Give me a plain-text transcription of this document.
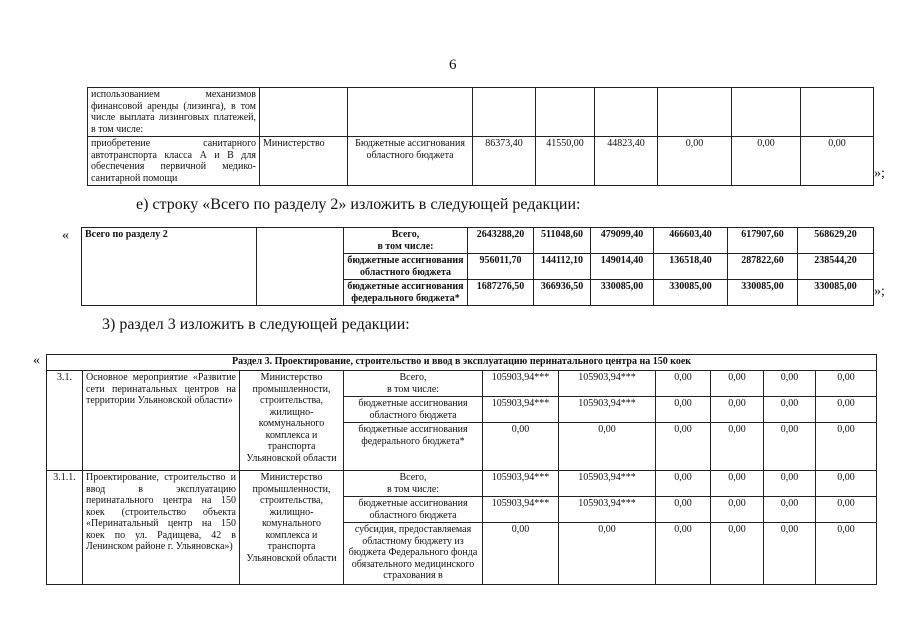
6
использованием механизмов финансовой аренды (лизинга), в том числе выплата лизинговых платежей, в том числе:								
приобретение санитарного автотранспорта класса А и В для обеспечения первичной медико-санитарной помощи	Министерство	Бюджетные ассигнования областного бюджета	86373,40	41550,00	44823,40	0,00	0,00	0,00
»;
е) строку «Всего по разделу 2» изложить в следующей редакции:
« Всего по разделу 2		Всего,
в том числе:	2643288,20	511048,60	479099,40	466603,40	617907,60	568629,20
		бюджетные ассигнования областного бюджета	956011,70	144112,10	149014,40	136518,40	287822,60	238544,20
		бюджетные ассигнования федерального бюджета*	1687276,50	366936,50	330085,00	330085,00	330085,00	330085,00 »;
3) раздел 3 изложить в следующей редакции:
«	Раздел 3. Проектирование, строительство и ввод в эксплуатацию перинатального центра на 150 коек									
3.1.	Основное мероприятие «Развитие сети перинатальных центров на территории Ульяновской области»	Министерство промышленности, строительства, жилищно-коммунального комплекса и транспорта Ульяновской области	Всего,
в том числе:	105903,94***	105903,94***	0,00	0,00	0,00	0,00
			бюджетные ассигнования областного бюджета	105903,94***	105903,94***	0,00	0,00	0,00	0,00
			бюджетные ассигнования федерального бюджета*	0,00	0,00	0,00	0,00	0,00	0,00
3.1.1.	Проектирование, строительство и ввод в эксплуатацию перинатального центра на 150 коек (строительство объекта «Перинатальный центр на 150 коек по ул. Радищева, 42 в Ленинском районе г. Ульяновска»)	Министерство промышленности, строительства, жилищно-комунального комплекса и транспорта Ульяновской области	Всего,
в том числе:	105903,94***	105903,94***	0,00	0,00	0,00	0,00
			бюджетные ассигнования областного бюджета	105903,94***	105903,94***	0,00	0,00	0,00	0,00
			субсидия, предоставляемая областному бюджету из бюджета Федерального фонда обязательного медицинского страхования в	0,00	0,00	0,00	0,00	0,00	0,00
